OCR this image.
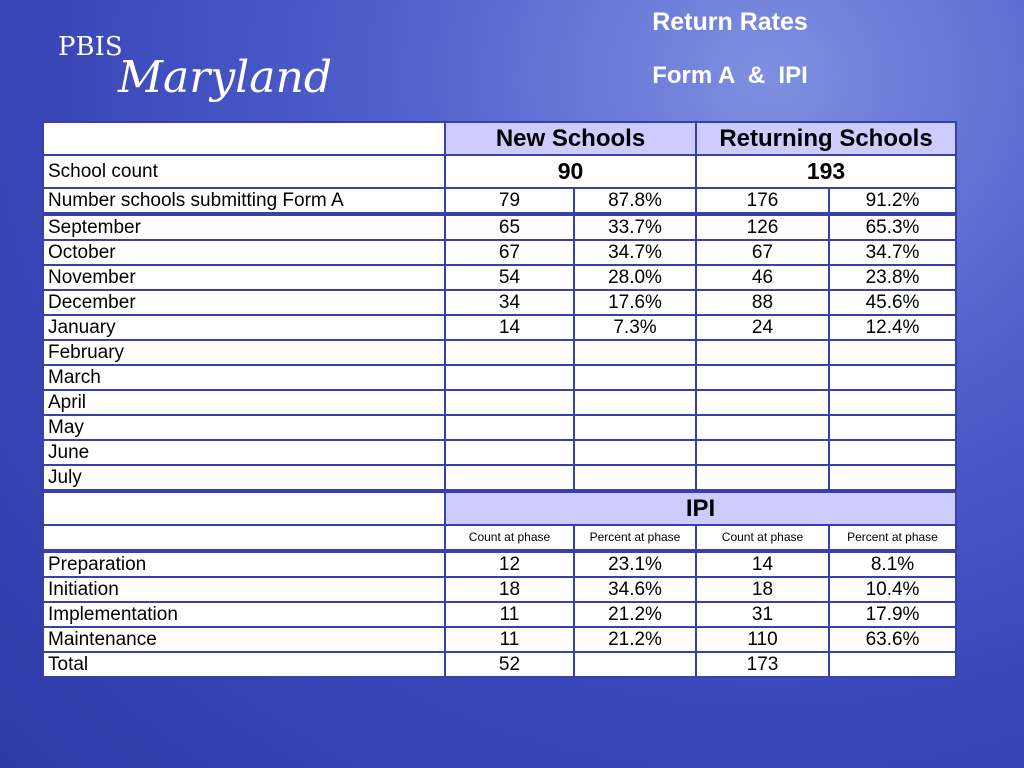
PBIS
Maryland
Return Rates
Form A  &  IPI
	New Schools		Returning Schools	
School count	90		193	
Number schools submitting Form A	79	87.8%	176	91.2%
September	65	33.7%	126	65.3%
October	67	34.7%	67	34.7%
November	54	28.0%	46	23.8%
December	34	17.6%	88	45.6%
January	14	7.3%	24	12.4%
February				
March				
April				
May				
June				
July				
	IPI			
	Count at phase	Percent at phase	Count at phase	Percent at phase
Preparation	12	23.1%	14	8.1%
Initiation	18	34.6%	18	10.4%
Implementation	11	21.2%	31	17.9%
Maintenance	11	21.2%	110	63.6%
Total	52		173	
